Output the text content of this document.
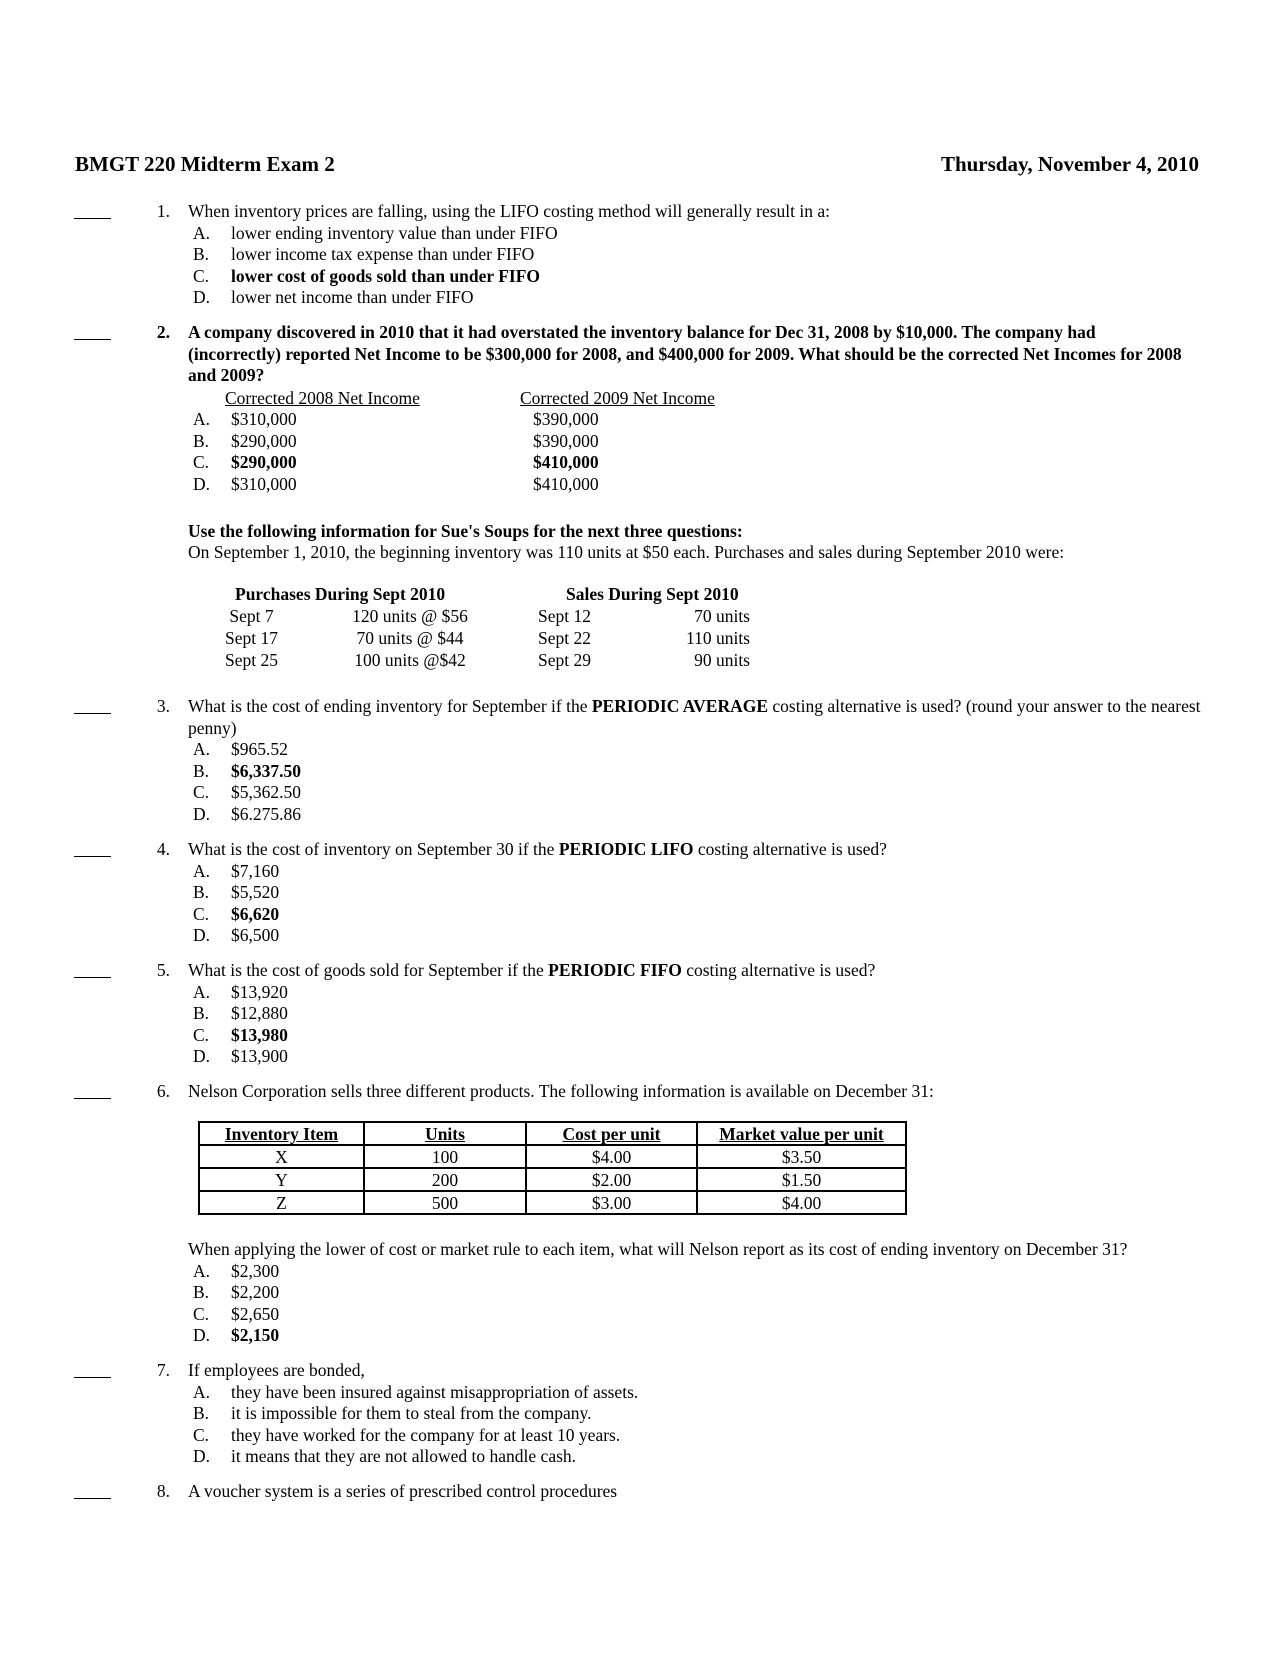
BMGT 220 Midterm Exam 2	Thursday, November 4, 2010
1. When inventory prices are falling, using the LIFO costing method will generally result in a:
A. lower ending inventory value than under FIFO
B. lower income tax expense than under FIFO
C. lower cost of goods sold than under FIFO
D. lower net income than under FIFO
2. A company discovered in 2010 that it had overstated the inventory balance for Dec 31, 2008 by $10,000. The company had (incorrectly) reported Net Income to be $300,000 for 2008, and $400,000 for 2009. What should be the corrected Net Incomes for 2008 and 2009?
Corrected 2008 Net Income	Corrected 2009 Net Income
A. $310,000	$390,000
B. $290,000	$390,000
C. $290,000	$410,000
D. $310,000	$410,000
Use the following information for Sue's Soups for the next three questions:
On September 1, 2010, the beginning inventory was 110 units at $50 each. Purchases and sales during September 2010 were:
Purchases During Sept 2010	Sales During Sept 2010
Sept 7	120 units @ $56	Sept 12	70 units
Sept 17	70 units @ $44	Sept 22	110 units
Sept 25	100 units @$42	Sept 29	90 units
3. What is the cost of ending inventory for September if the PERIODIC AVERAGE costing alternative is used? (round your answer to the nearest penny)
A. $965.52
B. $6,337.50
C. $5,362.50
D. $6.275.86
4. What is the cost of inventory on September 30 if the PERIODIC LIFO costing alternative is used?
A. $7,160
B. $5,520
C. $6,620
D. $6,500
5. What is the cost of goods sold for September if the PERIODIC FIFO costing alternative is used?
A. $13,920
B. $12,880
C. $13,980
D. $13,900
6. Nelson Corporation sells three different products. The following information is available on December 31:
Inventory Item	Units	Cost per unit	Market value per unit
X	100	$4.00	$3.50
Y	200	$2.00	$1.50
Z	500	$3.00	$4.00
When applying the lower of cost or market rule to each item, what will Nelson report as its cost of ending inventory on December 31?
A. $2,300
B. $2,200
C. $2,650
D. $2,150
7. If employees are bonded,
A. they have been insured against misappropriation of assets.
B. it is impossible for them to steal from the company.
C. they have worked for the company for at least 10 years.
D. it means that they are not allowed to handle cash.
8. A voucher system is a series of prescribed control procedures
